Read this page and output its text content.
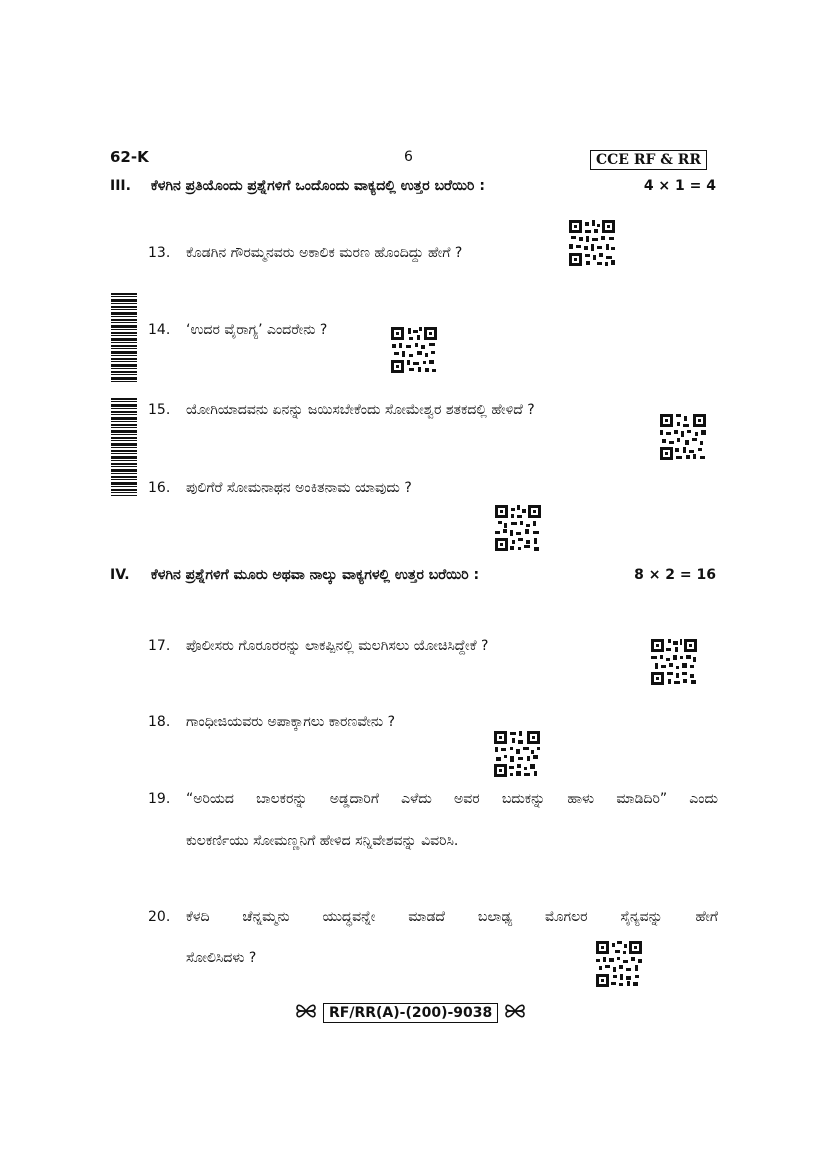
62-K	6	CCE RF & RR
III. ಕೆಳಗಿನ ಪ್ರತಿಯೊಂದು ಪ್ರಶ್ನೆಗಳಿಗೆ ಒಂದೊಂದು ವಾಕ್ಯದಲ್ಲಿ ಉತ್ತರ ಬರೆಯಿರಿ :	4 × 1 = 4
13.	ಕೊಡಗಿನ ಗೌರಮ್ಮನವರು ಅಕಾಲಿಕ ಮರಣ ಹೊಂದಿದ್ದು ಹೇಗೆ ?
14.	‘ಉದರ ವೈರಾಗ್ಯ’ ಎಂದರೇನು ?
15.	ಯೋಗಿಯಾದವನು ಏನನ್ನು ಜಯಿಸಬೇಕೆಂದು ಸೋಮೇಶ್ವರ ಶತಕದಲ್ಲಿ ಹೇಳಿದೆ ?
16.	ಪುಲಿಗೆರೆ ಸೋಮನಾಥನ ಅಂಕಿತನಾಮ ಯಾವುದು ?
IV. ಕೆಳಗಿನ ಪ್ರಶ್ನೆಗಳಿಗೆ ಮೂರು ಅಥವಾ ನಾಲ್ಕು ವಾಕ್ಯಗಳಲ್ಲಿ ಉತ್ತರ ಬರೆಯಿರಿ :	8 × 2 = 16
17.	ಪೊಲೀಸರು ಗೊರೂರರನ್ನು ಲಾಕಪ್ಪಿನಲ್ಲಿ ಮಲಗಿಸಲು ಯೋಚಿಸಿದ್ದೇಕೆ ?
18.	ಗಾಂಧೀಜಿಯವರು ಅಪಾಕ್ಕಾಗಲು ಕಾರಣವೇನು ?
19.	“ಅರಿಯದ ಬಾಲಕರನ್ನು ಅಡ್ಡದಾರಿಗೆ ಎಳೆದು ಅವರ ಬದುಕನ್ನು ಹಾಳು ಮಾಡಿದಿರಿ” ಎಂದು
ಕುಲಕರ್ಣಿಯು ಸೋಮಣ್ಣನಿಗೆ ಹೇಳಿದ ಸನ್ನಿವೇಶವನ್ನು ವಿವರಿಸಿ.
20.	ಕೆಳದಿ ಚೆನ್ನಮ್ಮನು ಯುದ್ಧವನ್ನೇ ಮಾಡದೆ ಬಲಾಢ್ಯ ಮೊಗಲರ ಸೈನ್ಯವನ್ನು ಹೇಗೆ
ಸೋಲಿಸಿದಳು ?
RF/RR(A)-(200)-9038
